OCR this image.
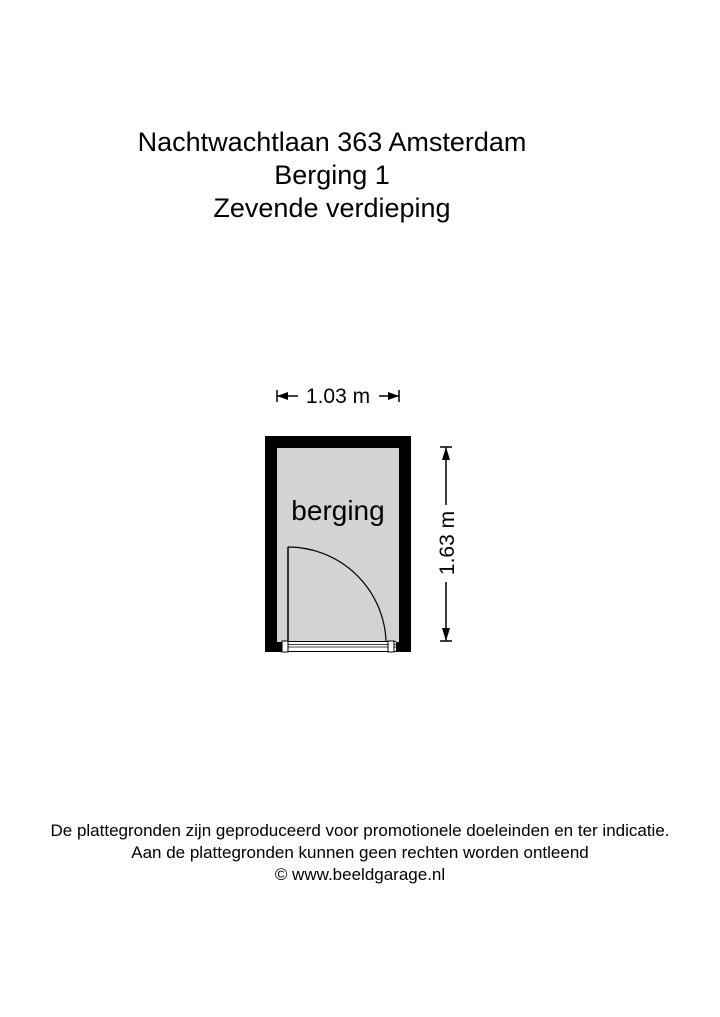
Nachtwachtlaan 363 Amsterdam
Berging 1
Zevende verdieping
1.03 m
berging
1.63 m
De plattegronden zijn geproduceerd voor promotionele doeleinden en ter indicatie.
Aan de plattegronden kunnen geen rechten worden ontleend
© www.beeldgarage.nl
